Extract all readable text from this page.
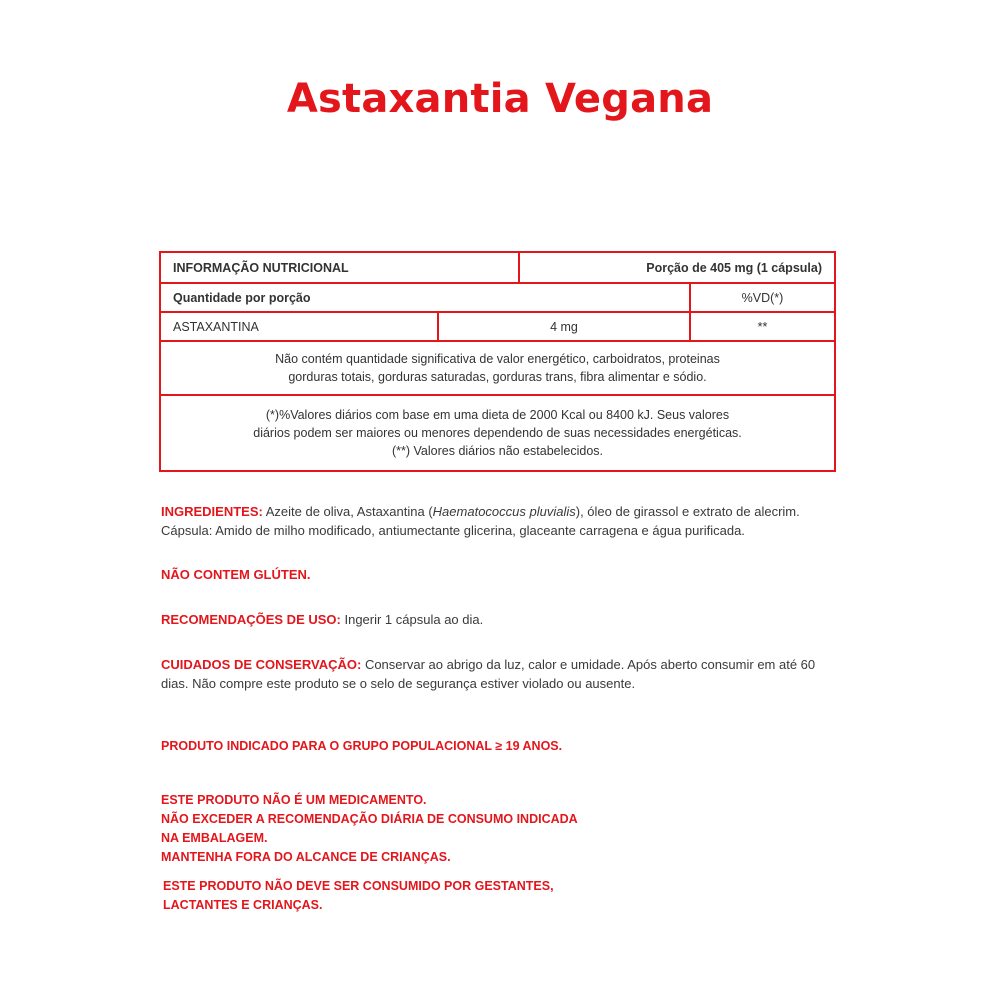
Astaxantia Vegana
INFORMAÇÃO NUTRICIONAL		Porção de 405 mg (1 cápsula)	
Quantidade por porção			%VD(*)
ASTAXANTINA	4 mg		**
Não contém quantidade significativa de valor energético, carboidratos, proteinas
gorduras totais, gorduras saturadas, gorduras trans, fibra alimentar e sódio.			
(*)%Valores diários com base em uma dieta de 2000 Kcal ou 8400 kJ. Seus valores
diários podem ser maiores ou menores dependendo de suas necessidades energéticas.
(**) Valores diários não estabelecidos.			

INGREDIENTES: Azeite de oliva, Astaxantina (Haematococcus pluvialis), óleo de girassol e extrato de alecrim. Cápsula: Amido de milho modificado, antiumectante glicerina, glaceante carragena e água purificada.

NÃO CONTEM GLÚTEN.

RECOMENDAÇÕES DE USO: Ingerir 1 cápsula ao dia.

CUIDADOS DE CONSERVAÇÃO: Conservar ao abrigo da luz, calor e umidade. Após aberto consumir em até 60 dias. Não compre este produto se o selo de segurança estiver violado ou ausente.

PRODUTO INDICADO PARA O GRUPO POPULACIONAL ≥ 19 ANOS.

ESTE PRODUTO NÃO É UM MEDICAMENTO.
NÃO EXCEDER A RECOMENDAÇÃO DIÁRIA DE CONSUMO INDICADA
NA EMBALAGEM.
MANTENHA FORA DO ALCANCE DE CRIANÇAS.
ESTE PRODUTO NÃO DEVE SER CONSUMIDO POR GESTANTES,
LACTANTES E CRIANÇAS.
